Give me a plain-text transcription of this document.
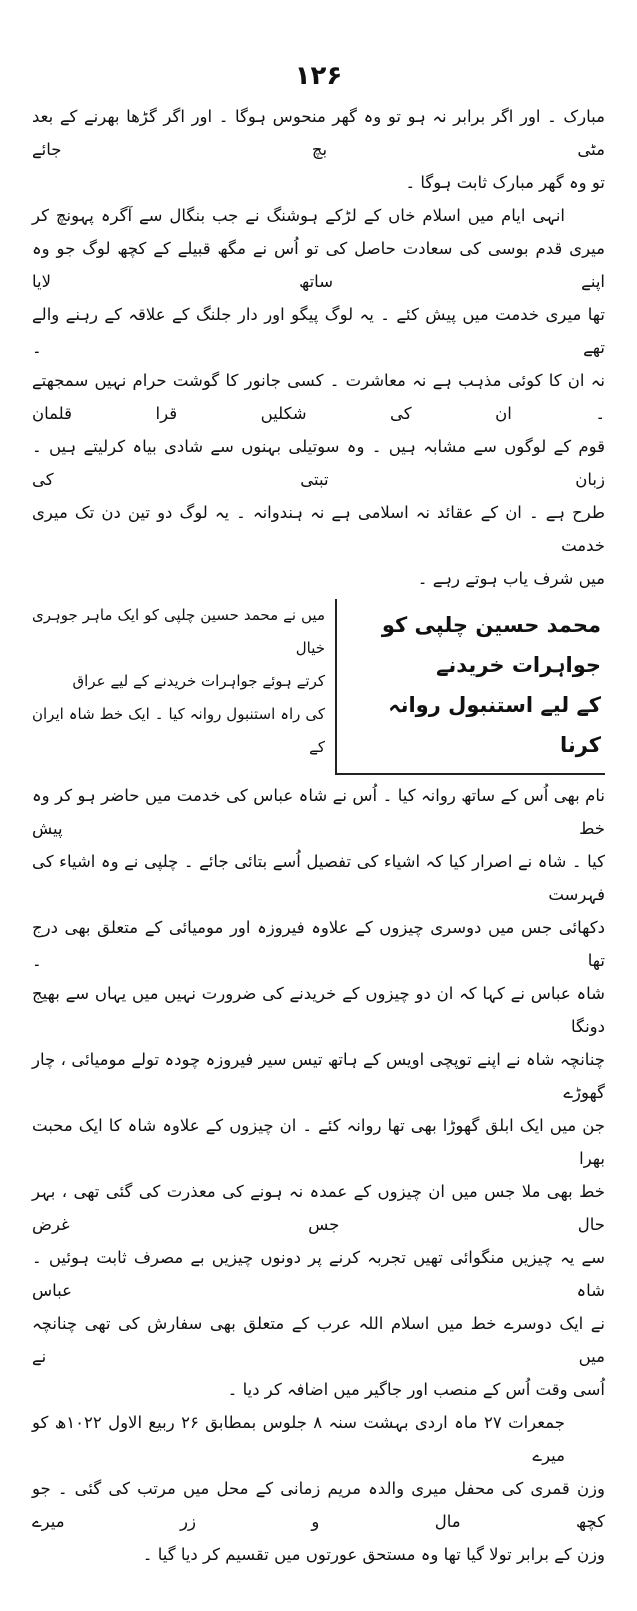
۱۲۶
مبارک ۔ اور اگر برابر نہ ہو تو وہ گھر منحوس ہوگا ۔ اور اگر گڑھا بھرنے کے بعد مٹی بچ جائے
تو وہ گھر مبارک ثابت ہوگا ۔
انہی ایام میں اسلام خاں کے لڑکے ہوشنگ نے جب بنگال سے آگرہ پہونچ کر
میری قدم بوسی کی سعادت حاصل کی تو اُس نے مگھ قبیلے کے کچھ لوگ جو وہ اپنے ساتھ لایا
تھا میری خدمت میں پیش کئے ۔ یہ لوگ پیگو اور دار جلنگ کے علاقہ کے رہنے والے تھے ۔
نہ ان کا کوئی مذہب ہے نہ معاشرت ۔ کسی جانور کا گوشت حرام نہیں سمجھتے ۔ ان کی شکلیں قرا قلمان
قوم کے لوگوں سے مشابہ ہیں ۔ وہ سوتیلی بہنوں سے شادی بیاہ کرلیتے ہیں ۔ زبان تبتی کی
طرح ہے ۔ ان کے عقائد نہ اسلامی ہے نہ ہندوانہ ۔ یہ لوگ دو تین دن تک میری خدمت
میں شرف یاب ہوتے رہے ۔
محمد حسین چلپی کو جواہرات خریدنے
کے لیے استنبول روانہ کرنا
میں نے محمد حسین چلپی کو ایک ماہر جوہری خیال
کرتے ہوئے جواہرات خریدنے کے لیے عراق
کی راہ استنبول روانہ کیا ۔ ایک خط شاہ ایران کے
نام بھی اُس کے ساتھ روانہ کیا ۔ اُس نے شاہ عباس کی خدمت میں حاضر ہو کر وہ خط پیش
کیا ۔ شاہ نے اصرار کیا کہ اشیاء کی تفصیل اُسے بتائی جائے ۔ چلپی نے وہ اشیاء کی فہرست
دکھائی جس میں دوسری چیزوں کے علاوہ فیروزہ اور مومیائی کے متعلق بھی درج تھا ۔
شاہ عباس نے کہا کہ ان دو چیزوں کے خریدنے کی ضرورت نہیں میں یہاں سے بھیج دونگا
چنانچہ شاہ نے اپنے توپچی اویس کے ہاتھ تیس سیر فیروزہ چودہ تولے مومیائی ، چار گھوڑے
جن میں ایک ابلق گھوڑا بھی تھا روانہ کئے ۔ ان چیزوں کے علاوہ شاہ کا ایک محبت بھرا
خط بھی ملا جس میں ان چیزوں کے عمدہ نہ ہونے کی معذرت کی گئی تھی ، بہر حال جس غرض
سے یہ چیزیں منگوائی تھیں تجربہ کرنے پر دونوں چیزیں بے مصرف ثابت ہوئیں ۔ شاہ عباس
نے ایک دوسرے خط میں اسلام اللہ عرب کے متعلق بھی سفارش کی تھی چنانچہ میں نے
اُسی وقت اُس کے منصب اور جاگیر میں اضافہ کر دیا ۔
جمعرات ۲۷ ماہ اردی بہشت سنہ ۸ جلوس بمطابق ۲۶ ربیع الاول ۱۰۲۲ھ کو میرے
وزن قمری کی محفل میری والدہ مریم زمانی کے محل میں مرتب کی گئی ۔ جو کچھ مال و زر میرے
وزن کے برابر تولا گیا تھا وہ مستحق عورتوں میں تقسیم کر دیا گیا ۔
